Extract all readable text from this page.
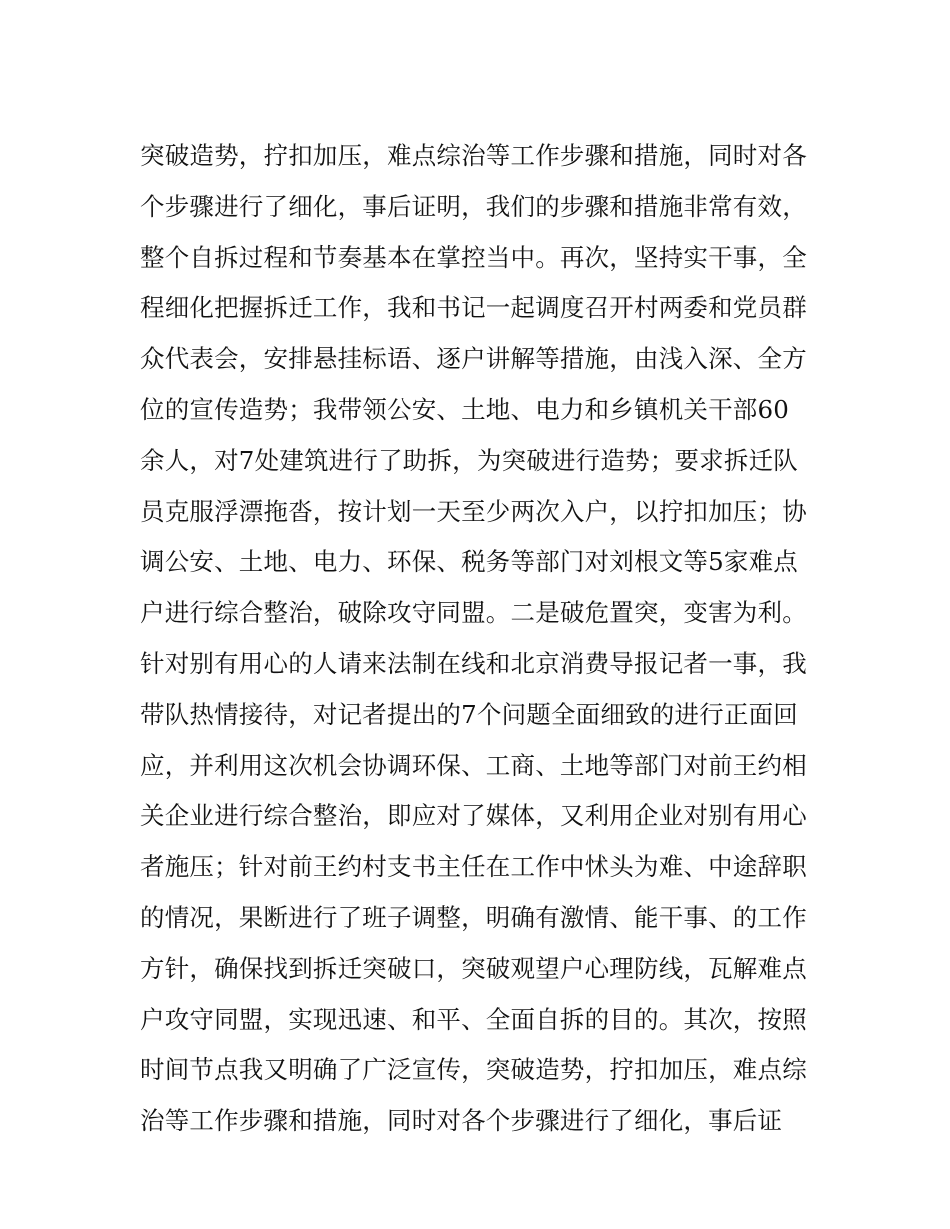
突破造势，拧扣加压，难点综治等工作步骤和措施，同时对各
个步骤进行了细化，事后证明，我们的步骤和措施非常有效，
整个自拆过程和节奏基本在掌控当中。再次，坚持实干事，全
程细化把握拆迁工作，我和书记一起调度召开村两委和党员群
众代表会，安排悬挂标语、逐户讲解等措施，由浅入深、全方
位的宣传造势；我带领公安、土地、电力和乡镇机关干部60
余人，对7处建筑进行了助拆，为突破进行造势；要求拆迁队
员克服浮漂拖沓，按计划一天至少两次入户，以拧扣加压；协
调公安、土地、电力、环保、税务等部门对刘根文等5家难点
户进行综合整治，破除攻守同盟。二是破危置突，变害为利。
针对别有用心的人请来法制在线和北京消费导报记者一事，我
带队热情接待，对记者提出的7个问题全面细致的进行正面回
应，并利用这次机会协调环保、工商、土地等部门对前王约相
关企业进行综合整治，即应对了媒体，又利用企业对别有用心
者施压；针对前王约村支书主任在工作中怵头为难、中途辞职
的情况，果断进行了班子调整，明确有激情、能干事、的工作
方针，确保找到拆迁突破口，突破观望户心理防线，瓦解难点
户攻守同盟，实现迅速、和平、全面自拆的目的。其次，按照
时间节点我又明确了广泛宣传，突破造势，拧扣加压，难点综
治等工作步骤和措施，同时对各个步骤进行了细化，事后证
